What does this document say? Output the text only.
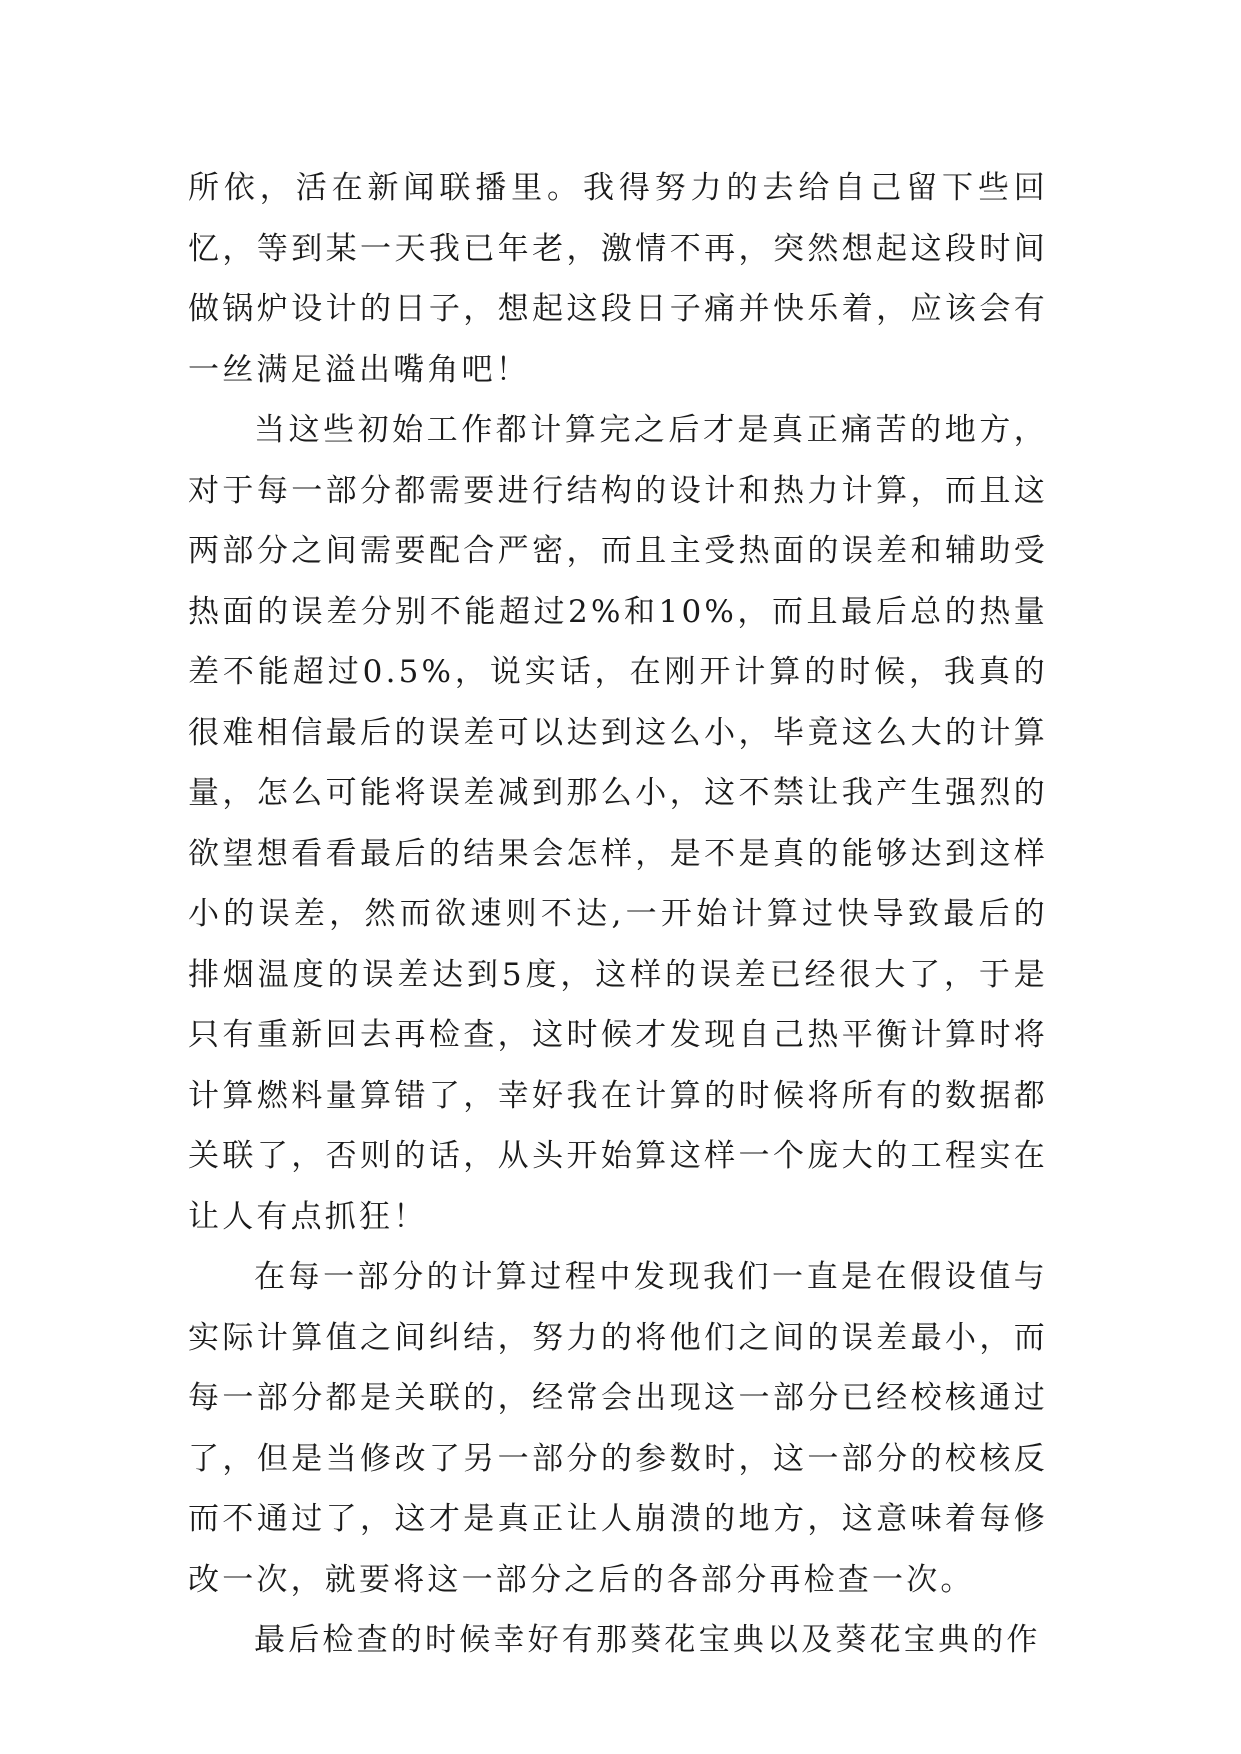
所依，活在新闻联播里。我得努力的去给自己留下些回忆，等到某一天我已年老，激情不再，突然想起这段时间做锅炉设计的日子，想起这段日子痛并快乐着，应该会有一丝满足溢出嘴角吧！

当这些初始工作都计算完之后才是真正痛苦的地方，对于每一部分都需要进行结构的设计和热力计算，而且这两部分之间需要配合严密，而且主受热面的误差和辅助受热面的误差分别不能超过2%和10%，而且最后总的热量差不能超过0.5%，说实话，在刚开计算的时候，我真的很难相信最后的误差可以达到这么小，毕竟这么大的计算量，怎么可能将误差减到那么小，这不禁让我产生强烈的欲望想看看最后的结果会怎样，是不是真的能够达到这样小的误差，然而欲速则不达,一开始计算过快导致最后的排烟温度的误差达到5度，这样的误差已经很大了，于是只有重新回去再检查，这时候才发现自己热平衡计算时将计算燃料量算错了，幸好我在计算的时候将所有的数据都关联了，否则的话，从头开始算这样一个庞大的工程实在让人有点抓狂！

在每一部分的计算过程中发现我们一直是在假设值与实际计算值之间纠结，努力的将他们之间的误差最小，而每一部分都是关联的，经常会出现这一部分已经校核通过了，但是当修改了另一部分的参数时，这一部分的校核反而不通过了，这才是真正让人崩溃的地方，这意味着每修改一次，就要将这一部分之后的各部分再检查一次。

最后检查的时候幸好有那葵花宝典以及葵花宝典的作
